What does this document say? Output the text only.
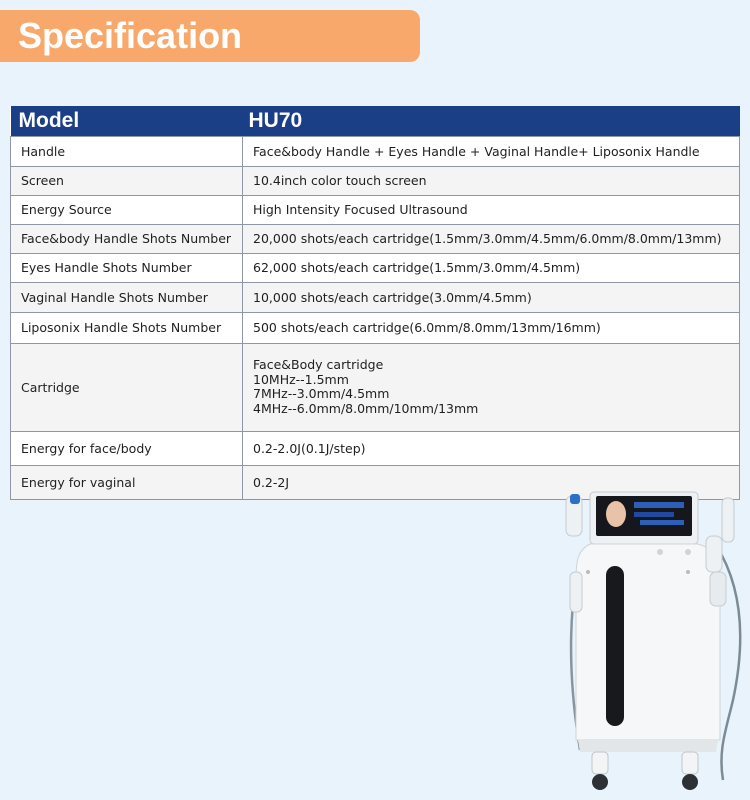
Specification
Model	HU70
Handle	Face&body Handle + Eyes Handle + Vaginal Handle+ Liposonix Handle
Screen	10.4inch color touch screen
Energy Source	High Intensity Focused Ultrasound
Face&body Handle Shots Number	20,000 shots/each cartridge(1.5mm/3.0mm/4.5mm/6.0mm/8.0mm/13mm)
Eyes Handle Shots Number	62,000 shots/each cartridge(1.5mm/3.0mm/4.5mm)
Vaginal Handle Shots Number	10,000 shots/each cartridge(3.0mm/4.5mm)
Liposonix Handle Shots Number	500 shots/each cartridge(6.0mm/8.0mm/13mm/16mm)
Cartridge	Face&Body cartridge
10MHz--1.5mm
7MHz--3.0mm/4.5mm
4MHz--6.0mm/8.0mm/10mm/13mm

Energy for face/body	0.2-2.0J(0.1J/step)
Energy for vaginal	0.2-2J
